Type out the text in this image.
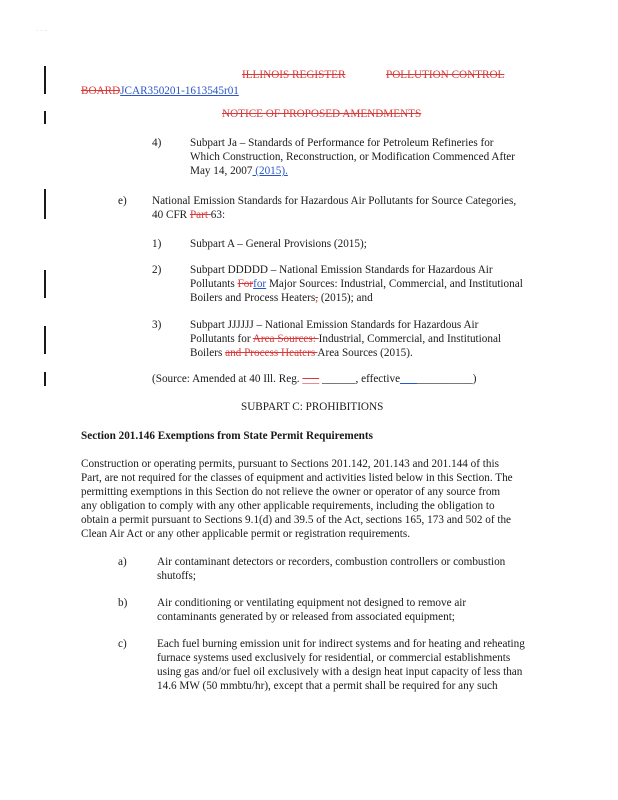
· · ·
ILLINOIS REGISTER	POLLUTION CONTROL
BOARDJCAR350201-1613545r01
NOTICE OF PROPOSED AMENDMENTS
4)	Subpart Ja – Standards of Performance for Petroleum Refineries for
Which Construction, Reconstruction, or Modification Commenced After
May 14, 2007 (2015).
e) National Emission Standards for Hazardous Air Pollutants for Source Categories,
40 CFR Part 63:
1)	Subpart A – General Provisions (2015);
2)	Subpart DDDDD – National Emission Standards for Hazardous Air
Pollutants Forfor Major Sources: Industrial, Commercial, and Institutional
Boilers and Process Heaters, (2015); and
3)	Subpart JJJJJJ – National Emission Standards for Hazardous Air
Pollutants for Area Sources: Industrial, Commercial, and Institutional
Boilers and Process Heaters Area Sources (2015).
(Source: Amended at 40 Ill. Reg. ___ ______, effective_____________)
SUBPART C: PROHIBITIONS
Section 201.146 Exemptions from State Permit Requirements
Construction or operating permits, pursuant to Sections 201.142, 201.143 and 201.144 of this
Part, are not required for the classes of equipment and activities listed below in this Section. The
permitting exemptions in this Section do not relieve the owner or operator of any source from
any obligation to comply with any other applicable requirements, including the obligation to
obtain a permit pursuant to Sections 9.1(d) and 39.5 of the Act, sections 165, 173 and 502 of the
Clean Air Act or any other applicable permit or registration requirements.
a)	Air contaminant detectors or recorders, combustion controllers or combustion
shutoffs;
b)	Air conditioning or ventilating equipment not designed to remove air
contaminants generated by or released from associated equipment;
c)	Each fuel burning emission unit for indirect systems and for heating and reheating
furnace systems used exclusively for residential, or commercial establishments
using gas and/or fuel oil exclusively with a design heat input capacity of less than
14.6 MW (50 mmbtu/hr), except that a permit shall be required for any such
